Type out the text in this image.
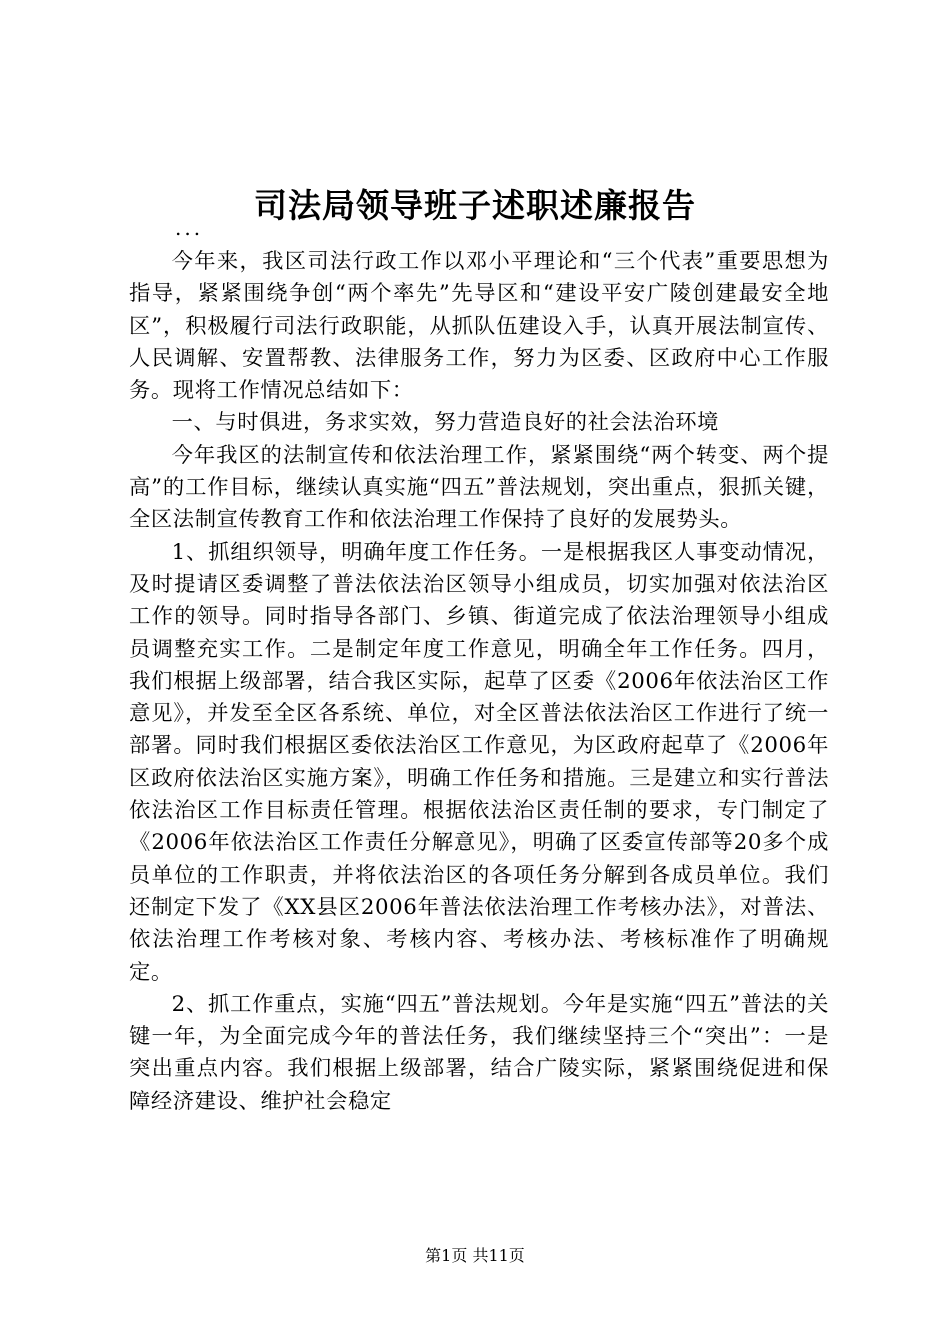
司法局领导班子述职述廉报告
...

今年来，我区司法行政工作以邓小平理论和“三个代表”重要思想为指导，紧紧围绕争创“两个率先”先导区和“建设平安广陵创建最安全地区”，积极履行司法行政职能，从抓队伍建设入手，认真开展法制宣传、人民调解、安置帮教、法律服务工作，努力为区委、区政府中心工作服务。现将工作情况总结如下：

一、与时俱进，务求实效，努力营造良好的社会法治环境

今年我区的法制宣传和依法治理工作，紧紧围绕“两个转变、两个提高”的工作目标，继续认真实施“四五”普法规划，突出重点，狠抓关键，全区法制宣传教育工作和依法治理工作保持了良好的发展势头。

1、抓组织领导，明确年度工作任务。一是根据我区人事变动情况，及时提请区委调整了普法依法治区领导小组成员，切实加强对依法治区工作的领导。同时指导各部门、乡镇、街道完成了依法治理领导小组成员调整充实工作。二是制定年度工作意见，明确全年工作任务。四月，我们根据上级部署，结合我区实际，起草了区委《2006年依法治区工作意见》，并发至全区各系统、单位，对全区普法依法治区工作进行了统一部署。同时我们根据区委依法治区工作意见，为区政府起草了《2006年区政府依法治区实施方案》，明确工作任务和措施。三是建立和实行普法依法治区工作目标责任管理。根据依法治区责任制的要求，专门制定了《2006年依法治区工作责任分解意见》，明确了区委宣传部等20多个成员单位的工作职责，并将依法治区的各项任务分解到各成员单位。我们还制定下发了《XX县区2006年普法依法治理工作考核办法》，对普法、依法治理工作考核对象、考核内容、考核办法、考核标准作了明确规定。

2、抓工作重点，实施“四五”普法规划。今年是实施“四五”普法的关键一年，为全面完成今年的普法任务，我们继续坚持三个“突出”：一是突出重点内容。我们根据上级部署，结合广陵实际，紧紧围绕促进和保障经济建设、维护社会稳定

第1页 共11页
